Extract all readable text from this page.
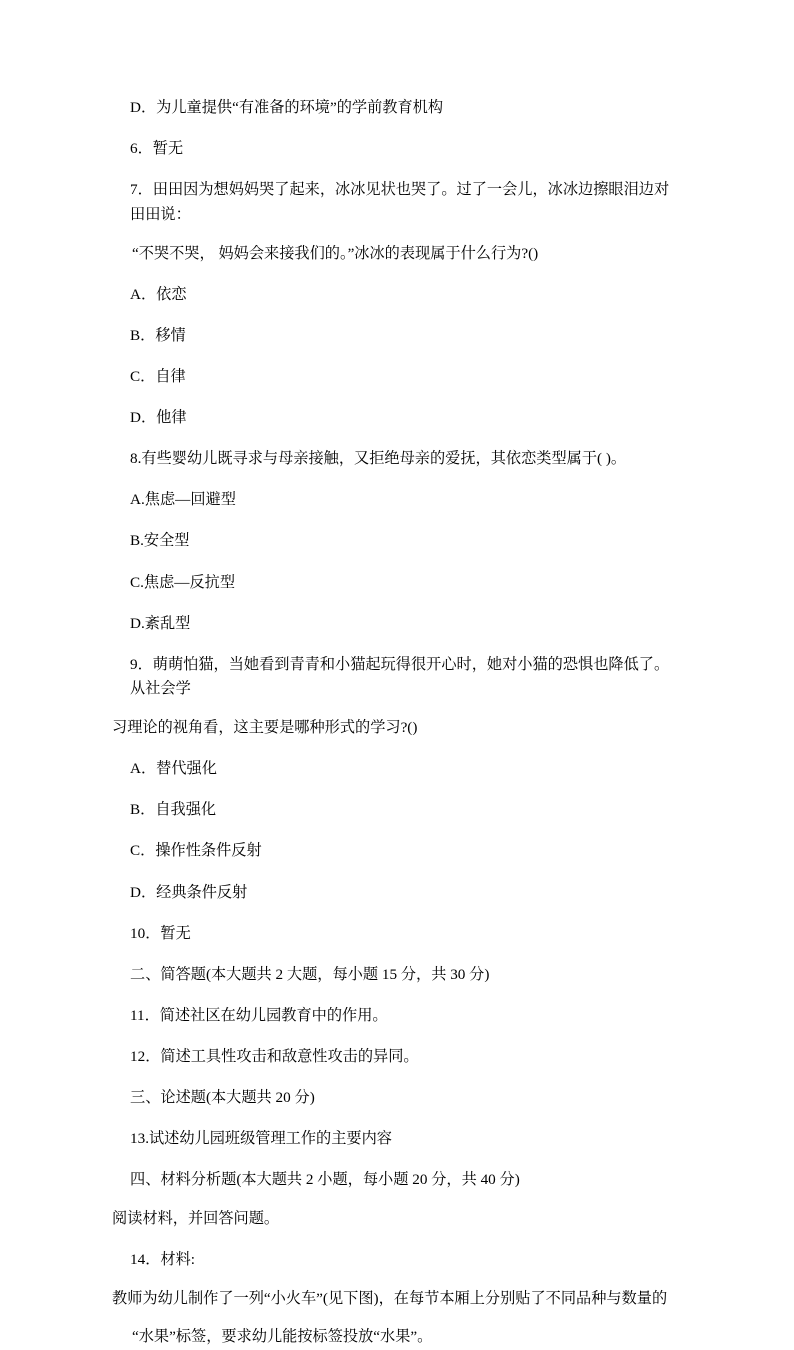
D．为儿童提供“有准备的环境”的学前教育机构

6．暂无

7．田田因为想妈妈哭了起来，冰冰见状也哭了。过了一会儿，冰冰边擦眼泪边对田田说：

“不哭不哭， 妈妈会来接我们的。”冰冰的表现属于什么行为?()

A．依恋

B．移情

C．自律

D．他律

8.有些婴幼儿既寻求与母亲接触，又拒绝母亲的爱抚，其依恋类型属于( )。

A.焦虑—回避型

B.安全型

C.焦虑—反抗型

D.紊乱型

9．萌萌怕猫，当她看到青青和小猫起玩得很开心时，她对小猫的恐惧也降低了。从社会学

习理论的视角看，这主要是哪种形式的学习?()

A．替代强化

B．自我强化

C．操作性条件反射

D．经典条件反射

10．暂无

二、简答题(本大题共 2 大题，每小题 15 分，共 30 分)

11．简述社区在幼儿园教育中的作用。

12．简述工具性攻击和敌意性攻击的异同。

三、论述题(本大题共 20 分)

13.试述幼儿园班级管理工作的主要内容

四、材料分析题(本大题共 2 小题，每小题 20 分，共 40 分)

阅读材料，并回答问题。

14．材料:

教师为幼儿制作了一列“小火车”(见下图)，在每节本厢上分别贴了不同品种与数量的

“水果”标签，要求幼儿能按标签投放“水果”。
